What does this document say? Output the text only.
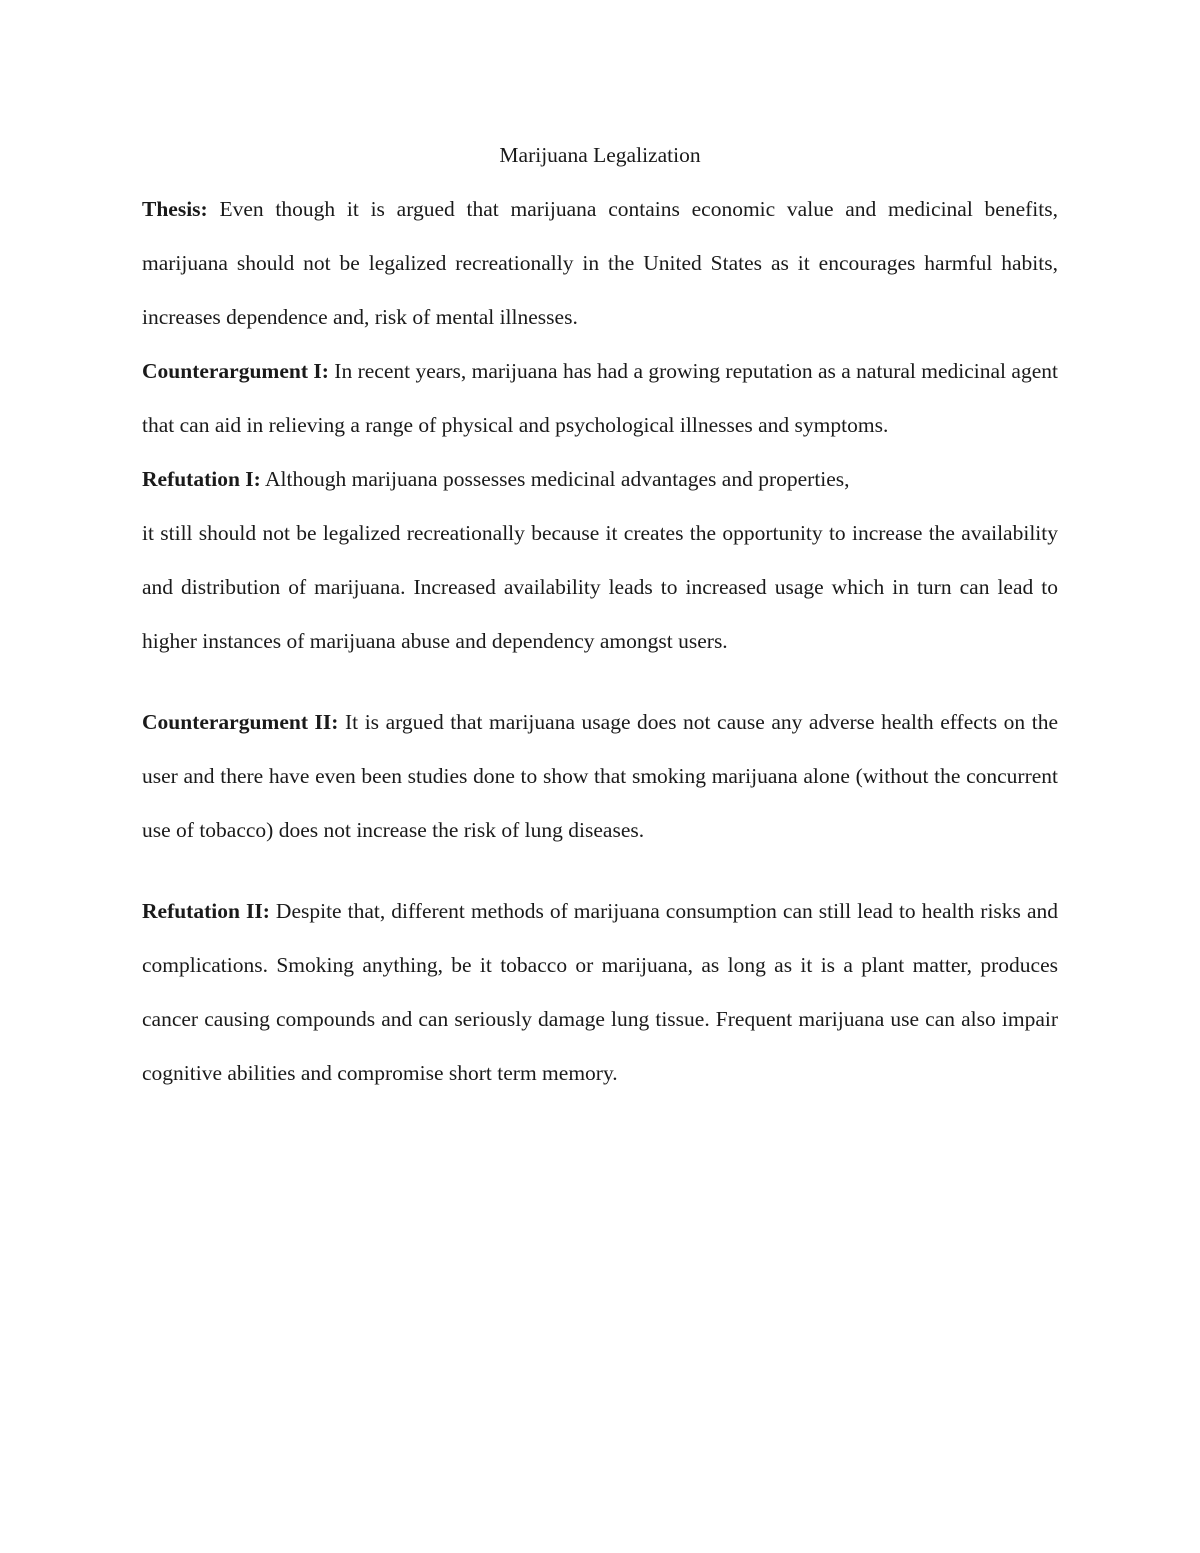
Marijuana Legalization

Thesis: Even though it is argued that marijuana contains economic value and medicinal benefits, marijuana should not be legalized recreationally in the United States as it encourages harmful habits, increases dependence and, risk of mental illnesses.

Counterargument I: In recent years, marijuana has had a growing reputation as a natural medicinal agent that can aid in relieving a range of physical and psychological illnesses and symptoms.

Refutation I: Although marijuana possesses medicinal advantages and properties,

it still should not be legalized recreationally because it creates the opportunity to increase the availability and distribution of marijuana. Increased availability leads to increased usage which in turn can lead to higher instances of marijuana abuse and dependency amongst users.

Counterargument II: It is argued that marijuana usage does not cause any adverse health effects on the user and there have even been studies done to show that smoking marijuana alone (without the concurrent use of tobacco) does not increase the risk of lung diseases.

Refutation II: Despite that, different methods of marijuana consumption can still lead to health risks and complications. Smoking anything, be it tobacco or marijuana, as long as it is a plant matter, produces cancer causing compounds and can seriously damage lung tissue. Frequent marijuana use can also impair cognitive abilities and compromise short term memory.
